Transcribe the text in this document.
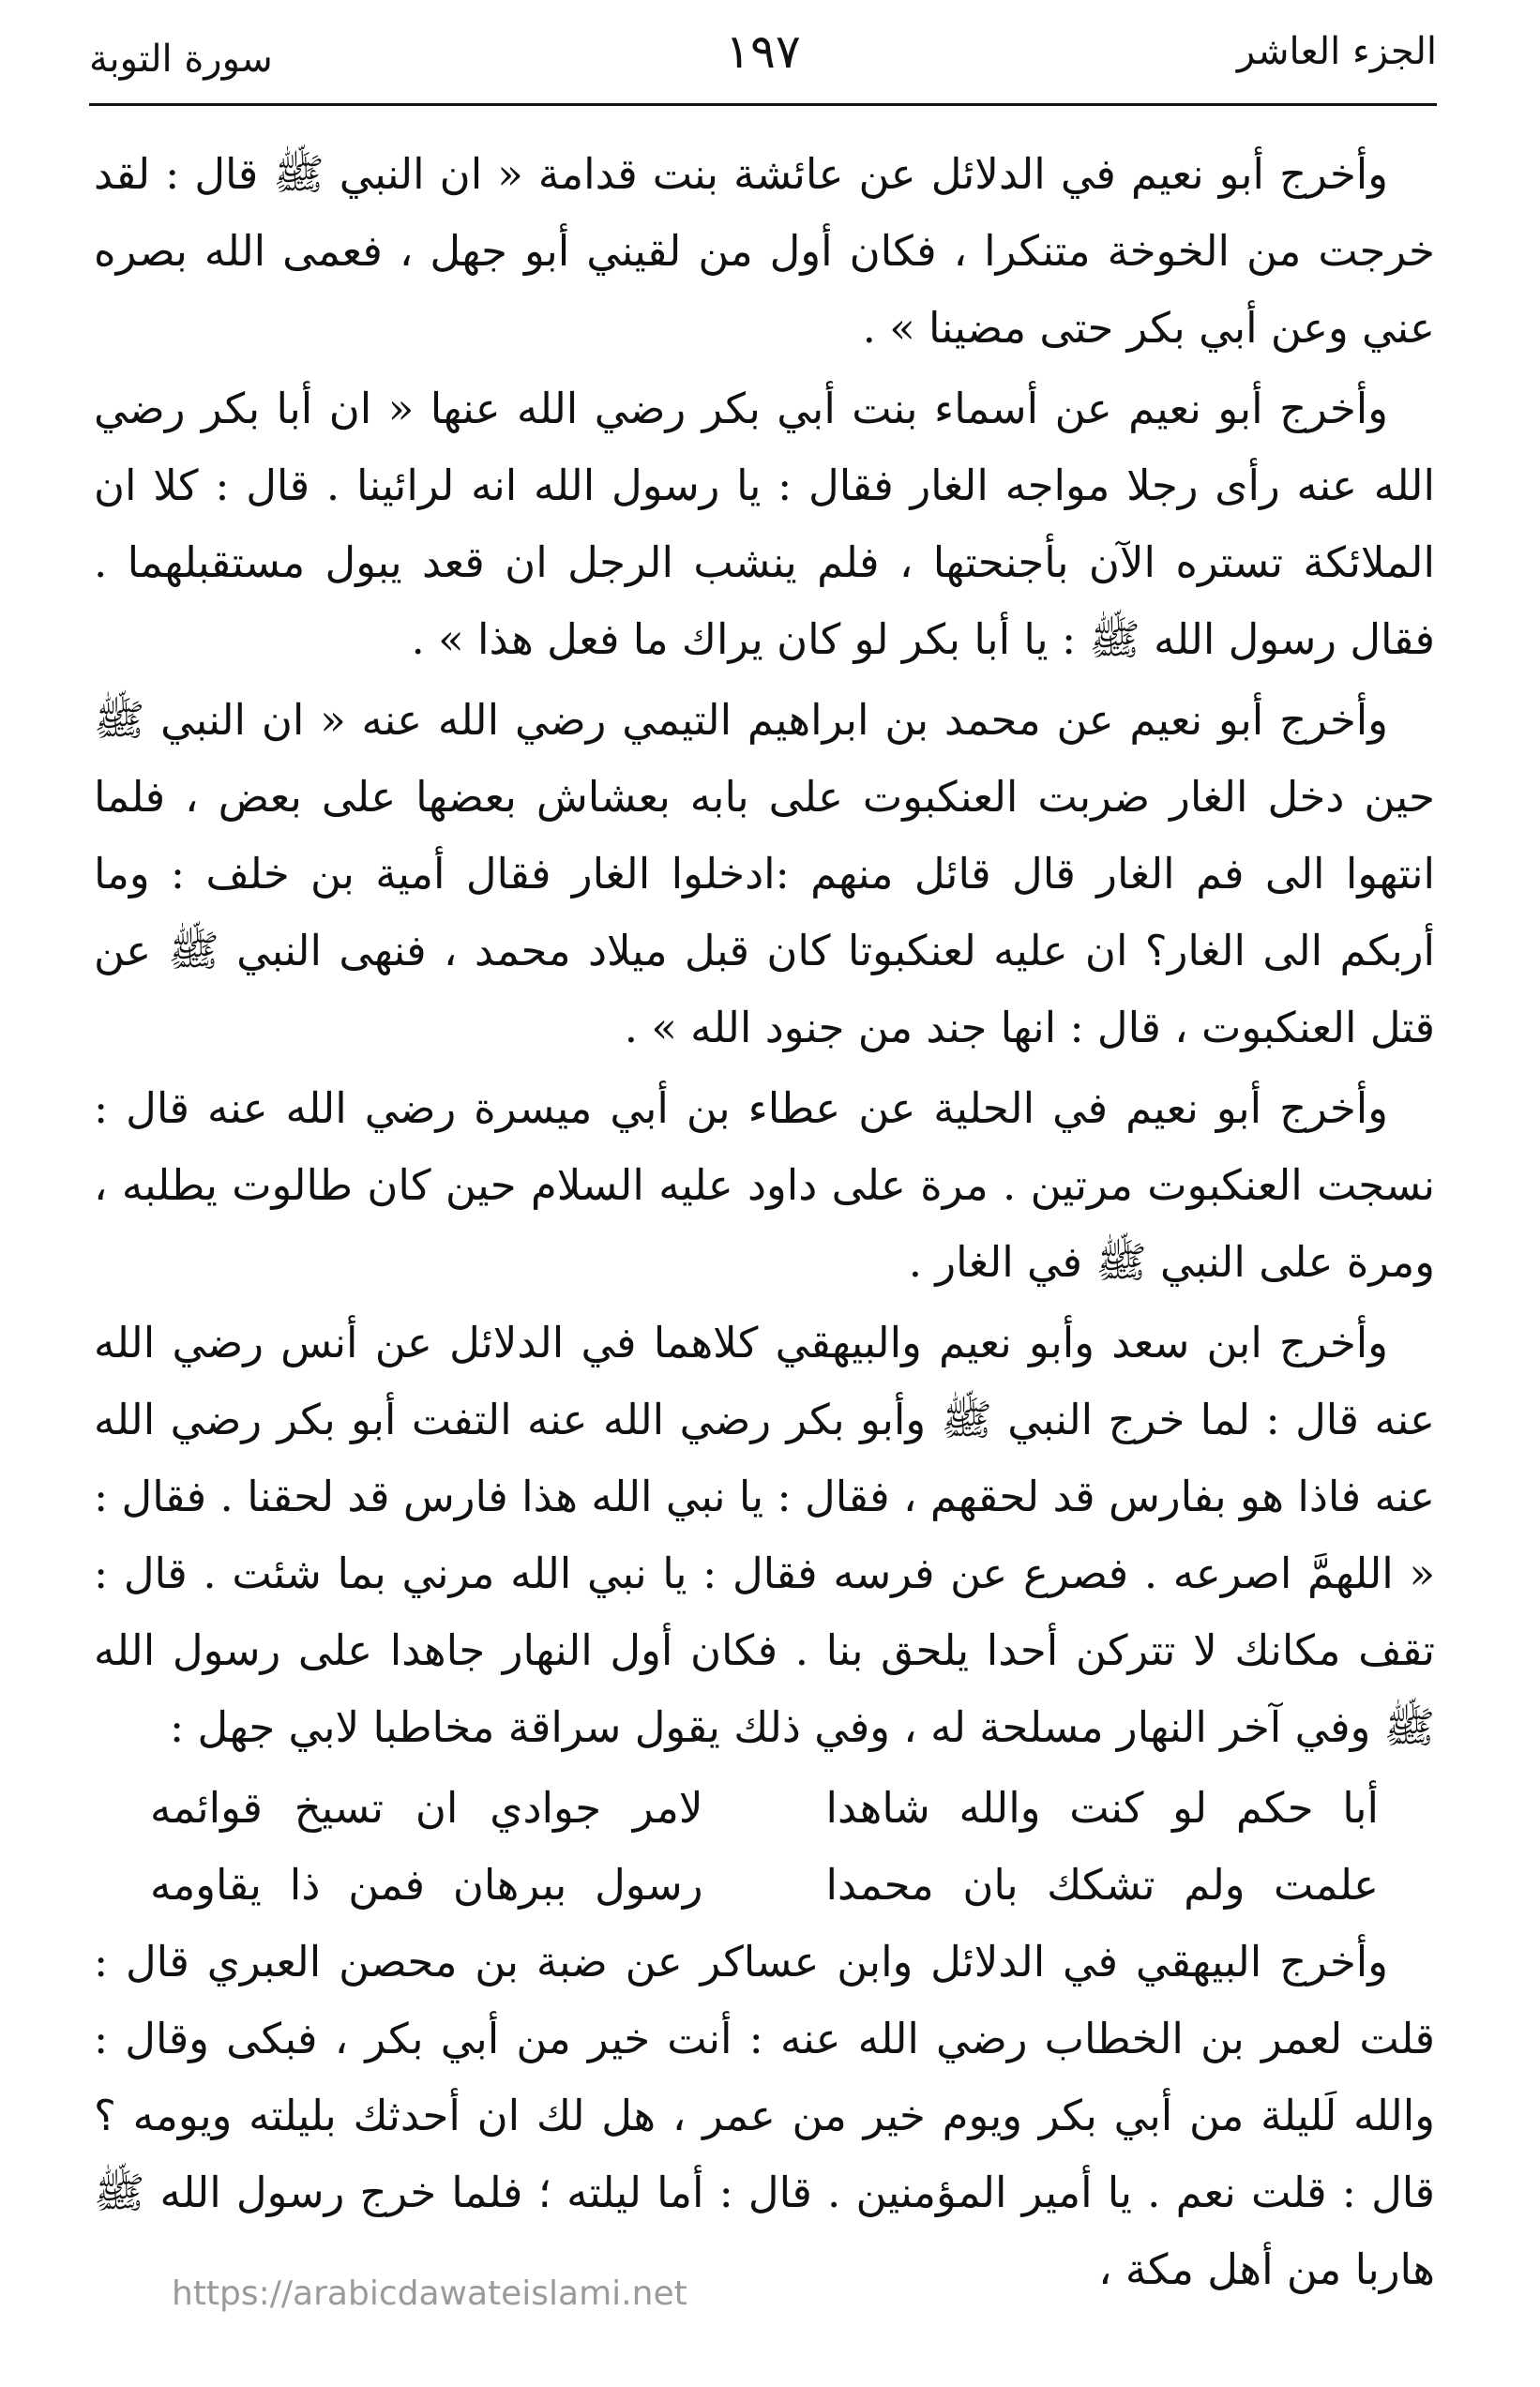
الجزء العاشر
١٩٧
سورة التوبة

وأخرج أبو نعيم في الدلائل عن عائشة بنت قدامة « ان النبي ﷺ قال : لقد خرجت من الخوخة متنكرا ، فكان أول من لقيني أبو جهل ، فعمى الله بصره عني وعن أبي بكر حتى مضينا » .

وأخرج أبو نعيم عن أسماء بنت أبي بكر رضي الله عنها « ان أبا بكر رضي الله عنه رأى رجلا مواجه الغار فقال : يا رسول الله انه لرائينا . قال : كلا ان الملائكة تستره الآن بأجنحتها ، فلم ينشب الرجل ان قعد يبول مستقبلهما . فقال رسول الله ﷺ : يا أبا بكر لو كان يراك ما فعل هذا » .

وأخرج أبو نعيم عن محمد بن ابراهيم التيمي رضي الله عنه « ان النبي ﷺ حين دخل الغار ضربت العنكبوت على بابه بعشاش بعضها على بعض ، فلما انتهوا الى فم الغار قال قائل منهم :ادخلوا الغار فقال أمية بن خلف : وما أربكم الى الغار؟ ان عليه لعنكبوتا كان قبل ميلاد محمد ، فنهى النبي ﷺ عن قتل العنكبوت ، قال : انها جند من جنود الله » .

وأخرج أبو نعيم في الحلية عن عطاء بن أبي ميسرة رضي الله عنه قال : نسجت العنكبوت مرتين . مرة على داود عليه السلام حين كان طالوت يطلبه ، ومرة على النبي ﷺ في الغار .

وأخرج ابن سعد وأبو نعيم والبيهقي كلاهما في الدلائل عن أنس رضي الله عنه قال : لما خرج النبي ﷺ وأبو بكر رضي الله عنه التفت أبو بكر رضي الله عنه فاذا هو بفارس قد لحقهم ، فقال : يا نبي الله هذا فارس قد لحقنا . فقال : « اللهمَّ اصرعه . فصرع عن فرسه فقال : يا نبي الله مرني بما شئت . قال : تقف مكانك لا تتركن أحدا يلحق بنا . فكان أول النهار جاهدا على رسول الله ﷺ وفي آخر النهار مسلحة له ، وفي ذلك يقول سراقة مخاطبا لابي جهل :

أبا حكم لو كنت والله شاهدا
لامر جوادي ان تسيخ قوائمه
علمت ولم تشكك بان محمدا
رسول ببرهان فمن ذا يقاومه

وأخرج البيهقي في الدلائل وابن عساكر عن ضبة بن محصن العبري قال : قلت لعمر بن الخطاب رضي الله عنه : أنت خير من أبي بكر ، فبكى وقال : والله لَليلة من أبي بكر ويوم خير من عمر ، هل لك ان أحدثك بليلته ويومه ؟ قال : قلت نعم . يا أمير المؤمنين . قال : أما ليلته ؛ فلما خرج رسول الله ﷺ هاربا من أهل مكة ،

https://arabicdawateislami.net
